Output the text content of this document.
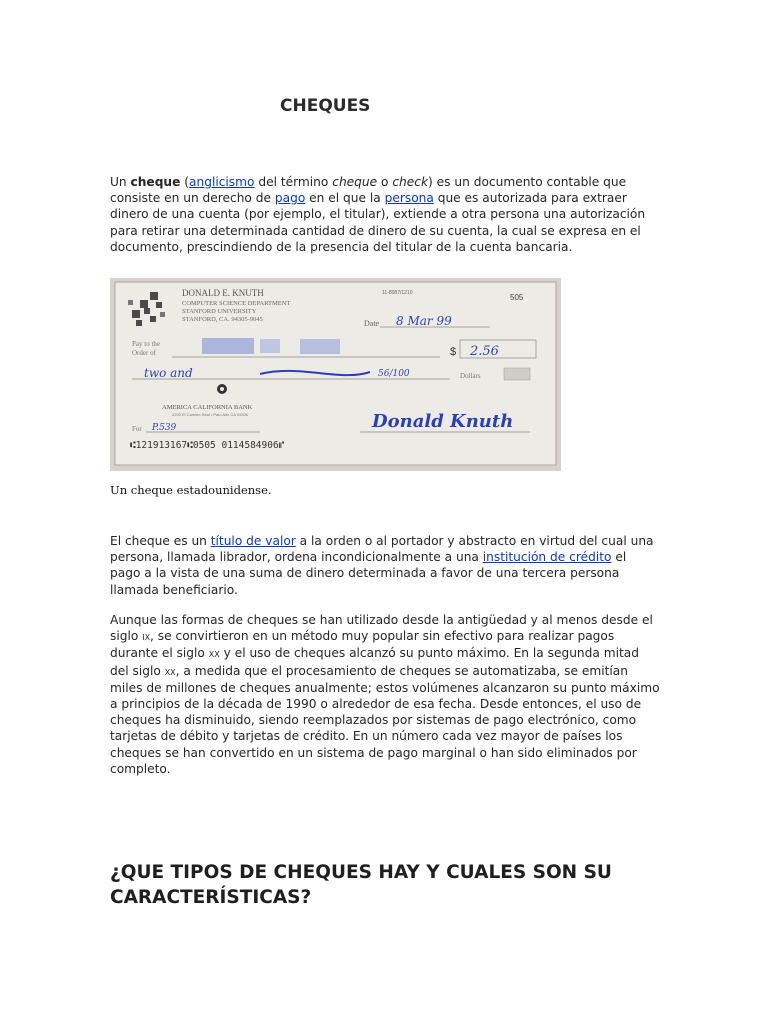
CHEQUES

Un cheque (anglicismo del término cheque o check) es un documento contable que consiste en un derecho de pago en el que la persona que es autorizada para extraer dinero de una cuenta (por ejemplo, el titular), extiende a otra persona una autorización para retirar una determinada cantidad de dinero de su cuenta, la cual se expresa en el documento, prescindiendo de la presencia del titular de la cuenta bancaria.

DONALD E. KNUTH
COMPUTER SCIENCE DEPARTMENT
STANFORD UNIVERSITY
STANFORD, CA. 94305-9045
11-8087/1210	505
Date 8 Mar 99
Pay to the
Order of	$ 2.56
two and	56/100	Dollars
AMERICA CALIFORNIA BANK
2200 El Camino Real • Palo Alto CA 94306
For P.539	Donald Knuth
⑆121913167⑆0505 0114584906⑈
Un cheque estadounidense.

El cheque es un título de valor a la orden o al portador y abstracto en virtud del cual una persona, llamada librador, ordena incondicionalmente a una institución de crédito el pago a la vista de una suma de dinero determinada a favor de una tercera persona llamada beneficiario.

Aunque las formas de cheques se han utilizado desde la antigüedad y al menos desde el siglo ix, se convirtieron en un método muy popular sin efectivo para realizar pagos durante el siglo xx y el uso de cheques alcanzó su punto máximo. En la segunda mitad del siglo xx, a medida que el procesamiento de cheques se automatizaba, se emitían miles de millones de cheques anualmente; estos volúmenes alcanzaron su punto máximo a principios de la década de 1990 o alrededor de esa fecha. Desde entonces, el uso de cheques ha disminuido, siendo reemplazados por sistemas de pago electrónico, como tarjetas de débito y tarjetas de crédito. En un número cada vez mayor de países los cheques se han convertido en un sistema de pago marginal o han sido eliminados por completo.

¿QUE TIPOS DE CHEQUES HAY Y CUALES SON SU CARACTERÍSTICAS?
